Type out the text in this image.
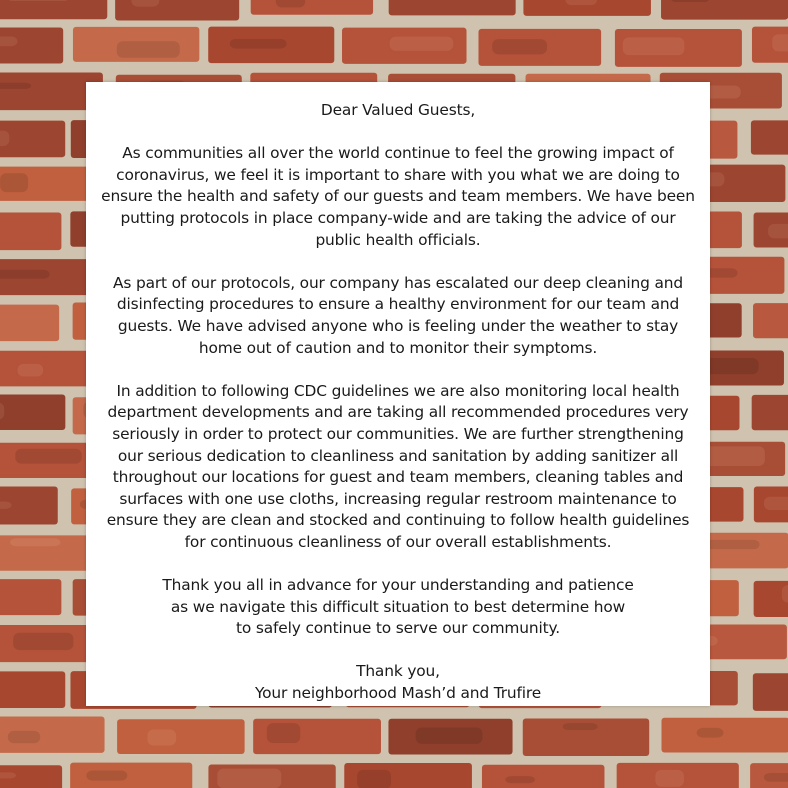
Dear Valued Guests,

As communities all over the world continue to feel the growing impact of coronavirus, we feel it is important to share with you what we are doing to ensure the health and safety of our guests and team members. We have been putting protocols in place company-wide and are taking the advice of our public health officials.

As part of our protocols, our company has escalated our deep cleaning and disinfecting procedures to ensure a healthy environment for our team and guests. We have advised anyone who is feeling under the weather to stay home out of caution and to monitor their symptoms.

In addition to following CDC guidelines we are also monitoring local health department developments and are taking all recommended procedures very seriously in order to protect our communities. We are further strengthening our serious dedication to cleanliness and sanitation by adding sanitizer all throughout our locations for guest and team members, cleaning tables and surfaces with one use cloths, increasing regular restroom maintenance to ensure they are clean and stocked and continuing to follow health guidelines for continuous cleanliness of our overall establishments.

Thank you all in advance for your understanding and patience
as we navigate this difficult situation to best determine how
to safely continue to serve our community.

Thank you,
Your neighborhood Mash’d and Trufire
